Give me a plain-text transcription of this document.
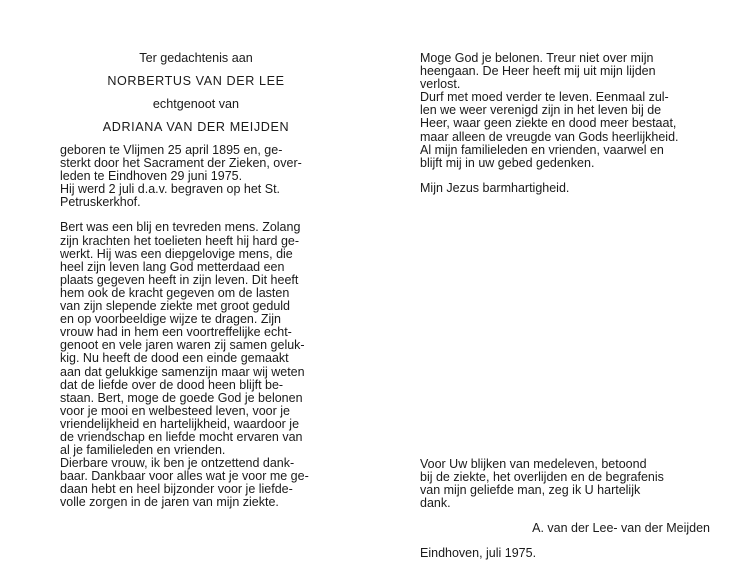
Ter gedachtenis aan
NORBERTUS VAN DER LEE
echtgenoot van
ADRIANA VAN DER MEIJDEN

geboren te Vlijmen 25 april 1895 en, ge-
sterkt door het Sacrament der Zieken, over-
leden te Eindhoven 29 juni 1975.
Hij werd 2 juli d.a.v. begraven op het St.
Petruskerkhof.

Bert was een blij en tevreden mens. Zolang
zijn krachten het toelieten heeft hij hard ge-
werkt. Hij was een diepgelovige mens, die
heel zijn leven lang God metterdaad een
plaats gegeven heeft in zijn leven. Dit heeft
hem ook de kracht gegeven om de lasten
van zijn slepende ziekte met groot geduld
en op voorbeeldige wijze te dragen. Zijn
vrouw had in hem een voortreffelijke echt-
genoot en vele jaren waren zij samen geluk-
kig. Nu heeft de dood een einde gemaakt
aan dat gelukkige samenzijn maar wij weten
dat de liefde over de dood heen blijft be-
staan. Bert, moge de goede God je belonen
voor je mooi en welbesteed leven, voor je
vriendelijkheid en hartelijkheid, waardoor je
de vriendschap en liefde mocht ervaren van
al je familieleden en vrienden.
Dierbare vrouw, ik ben je ontzettend dank-
baar. Dankbaar voor alles wat je voor me ge-
daan hebt en heel bijzonder voor je liefde-
volle zorgen in de jaren van mijn ziekte.

Moge God je belonen. Treur niet over mijn
heengaan. De Heer heeft mij uit mijn lijden
verlost.
Durf met moed verder te leven. Eenmaal zul-
len we weer verenigd zijn in het leven bij de
Heer, waar geen ziekte en dood meer bestaat,
maar alleen de vreugde van Gods heerlijkheid.
Al mijn familieleden en vrienden, vaarwel en
blijft mij in uw gebed gedenken.

Mijn Jezus barmhartigheid.

Voor Uw blijken van medeleven, betoond
bij de ziekte, het overlijden en de begrafenis
van mijn geliefde man, zeg ik U hartelijk
dank.

A. van der Lee- van der Meijden
Eindhoven, juli 1975.
